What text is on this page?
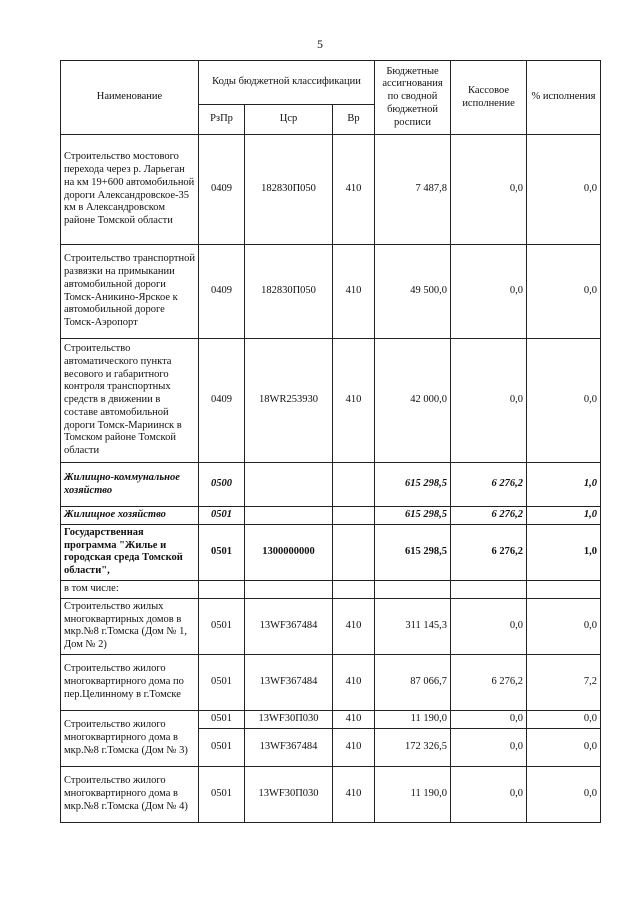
5
Наименование	Коды бюджетной классификации			Бюджетные ассигнования по сводной бюджетной росписи	Кассовое исполнение	% исполнения
	РзПр	Цср	Вр			
Строительство мостового перехода через р. Ларьеган на км 19+600 автомобильной дороги Александровское-35 км в Александровском районе Томской области	0409	182830П050	410	7 487,8	0,0	0,0
Строительство транспортной развязки на примыкании автомобильной дороги Томск-Аникино-Ярское к автомобильной дороге Томск-Аэропорт	0409	182830П050	410	49 500,0	0,0	0,0
Строительство автоматического пункта весового и габаритного контроля транспортных средств в движении в составе автомобильной дороги Томск-Мариинск в Томском районе Томской области	0409	18WR253930	410	42 000,0	0,0	0,0
Жилищно-коммунальное хозяйство	0500			615 298,5	6 276,2	1,0
Жилищное хозяйство	0501			615 298,5	6 276,2	1,0
Государственная программа "Жилье и городская среда Томской области",	0501	1300000000		615 298,5	6 276,2	1,0
в том числе:						
Строительство жилых многоквартирных домов в мкр.№8 г.Томска (Дом № 1, Дом № 2)	0501	13WF367484	410	311 145,3	0,0	0,0
Строительство жилого многоквартирного дома по пер.Целинному в г.Томске	0501	13WF367484	410	87 066,7	6 276,2	7,2
Строительство жилого многоквартирного дома в мкр.№8 г.Томска (Дом № 3)	0501	13WF30П030	410	11 190,0	0,0	0,0
	0501	13WF367484	410	172 326,5	0,0	0,0
Строительство жилого многоквартирного дома в мкр.№8 г.Томска (Дом № 4)	0501	13WF30П030	410	11 190,0	0,0	0,0
